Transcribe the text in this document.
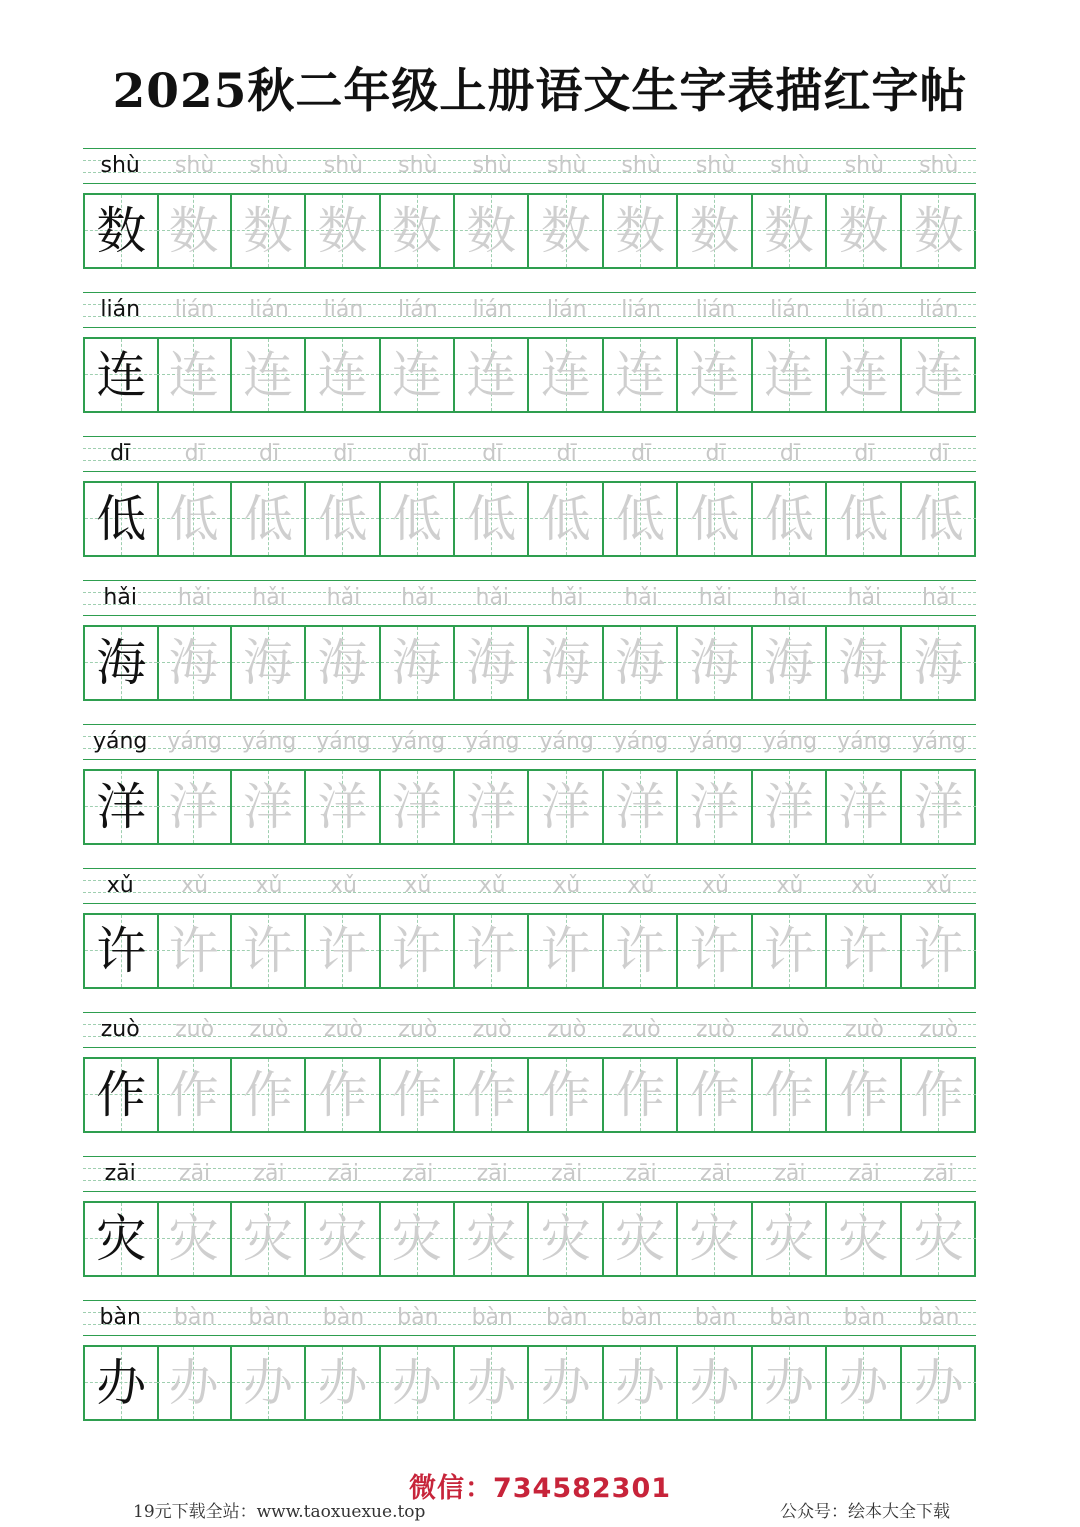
2025秋二年级上册语文生字表描红字帖
shù	shù	shù	shù	shù	shù	shù	shù	shù	shù	shù	shù
数 数 数 数 数 数 数 数 数 数 数 数
lián	lián	lián	lián	lián	lián	lián	lián	lián	lián	lián	lián
连 连 连 连 连 连 连 连 连 连 连 连
dī	dī	dī	dī	dī	dī	dī	dī	dī	dī	dī	dī
低 低 低 低 低 低 低 低 低 低 低 低
hǎi	hǎi	hǎi	hǎi	hǎi	hǎi	hǎi	hǎi	hǎi	hǎi	hǎi	hǎi
海 海 海 海 海 海 海 海 海 海 海 海
yáng yáng yáng yáng yáng yáng yáng yáng yáng yáng yáng yáng
洋 洋 洋 洋 洋 洋 洋 洋 洋 洋 洋 洋
xǔ	xǔ	xǔ	xǔ	xǔ	xǔ	xǔ	xǔ	xǔ	xǔ	xǔ	xǔ
许 许 许 许 许 许 许 许 许 许 许 许
zuò	zuò	zuò	zuò	zuò	zuò	zuò	zuò	zuò	zuò	zuò	zuò
作 作 作 作 作 作 作 作 作 作 作 作
zāi	zāi	zāi	zāi	zāi	zāi	zāi	zāi	zāi	zāi	zāi	zāi
灾 灾 灾 灾 灾 灾 灾 灾 灾 灾 灾 灾
bàn	bàn	bàn	bàn	bàn	bàn	bàn	bàn	bàn	bàn	bàn	bàn
办 办 办 办 办 办 办 办 办 办 办 办
微信：734582301
19元下载全站：www.taoxuexue.top	公众号：绘本大全下载
